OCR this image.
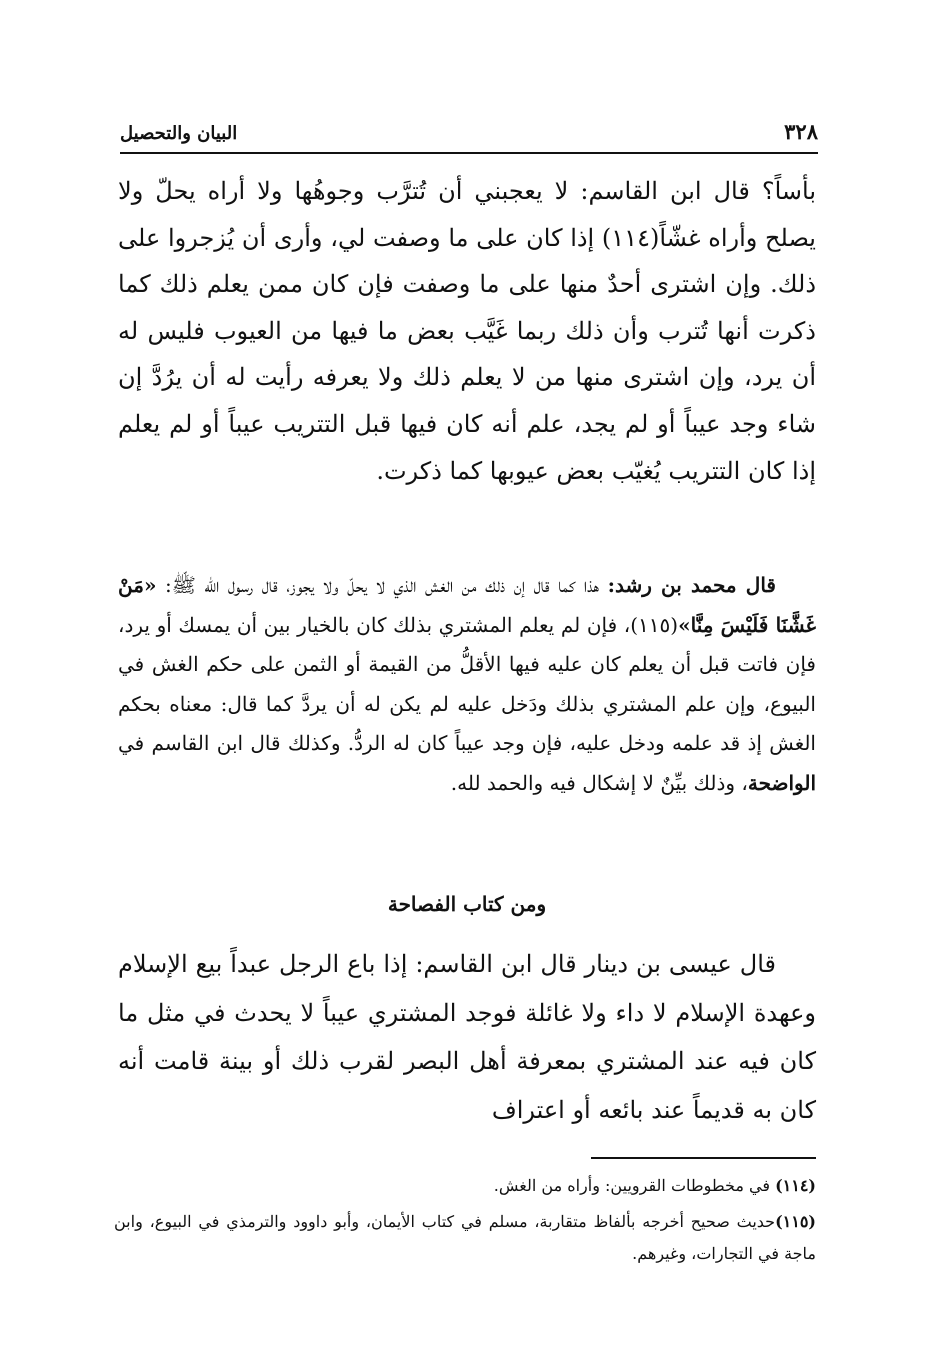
٣٢٨
البيان والتحصيل

بأساً؟ قال ابن القاسم: لا يعجبني أن تُترَّب وجوهُها ولا أراه يحلّ ولا يصلح وأراه غشّاً(١١٤) إذا كان على ما وصفت لي، وأرى أن يُزجروا على ذلك. وإن اشترى أحدٌ منها على ما وصفت فإن كان ممن يعلم ذلك كما ذكرت أنها تُترب وأن ذلك ربما غَيَّب بعض ما فيها من العيوب فليس له أن يرد، وإن اشترى منها من لا يعلم ذلك ولا يعرفه رأيت له أن يرُدَّ إن شاء وجد عيباً أو لم يجد، علم أنه كان فيها قبل التتريب عيباً أو لم يعلم إذا كان التتريب يُغيّب بعض عيوبها كما ذكرت.

قال محمد بن رشد: هذا كما قال إن ذلك من الغش الذي لا يحلّ ولا يجوز، قال رسول الله ﷺ: «مَنْ غَشَّنَا فَلَيْسَ مِنَّا»(١١٥)، فإن لم يعلم المشتري بذلك كان بالخيار بين أن يمسك أو يرد، فإن فاتت قبل أن يعلم كان عليه فيها الأقلُّ من القيمة أو الثمن على حكم الغش في البيوع، وإن علم المشتري بذلك ودَخل عليه لم يكن له أن يردَّ كما قال: معناه بحكم الغش إذ قد علمه ودخل عليه، فإن وجد عيباً كان له الردُّ. وكذلك قال ابن القاسم في الواضحة، وذلك بيِّنٌ لا إشكال فيه والحمد لله.

ومن كتاب الفصاحة

قال عيسى بن دينار قال ابن القاسم: إذا باع الرجل عبداً بيع الإسلام وعهدة الإسلام لا داء ولا غائلة فوجد المشتري عيباً لا يحدث في مثل ما كان فيه عند المشتري بمعرفة أهل البصر لقرب ذلك أو بينة قامت أنه كان به قديماً عند بائعه أو اعتراف

(١١٤) في مخطوطات القرويين: وأراه من الغش.

(١١٥)حديث صحيح أخرجه بألفاظ متقاربة، مسلم في كتاب الأيمان، وأبو داوود والترمذي في البيوع، وابن ماجة في التجارات، وغيرهم.
